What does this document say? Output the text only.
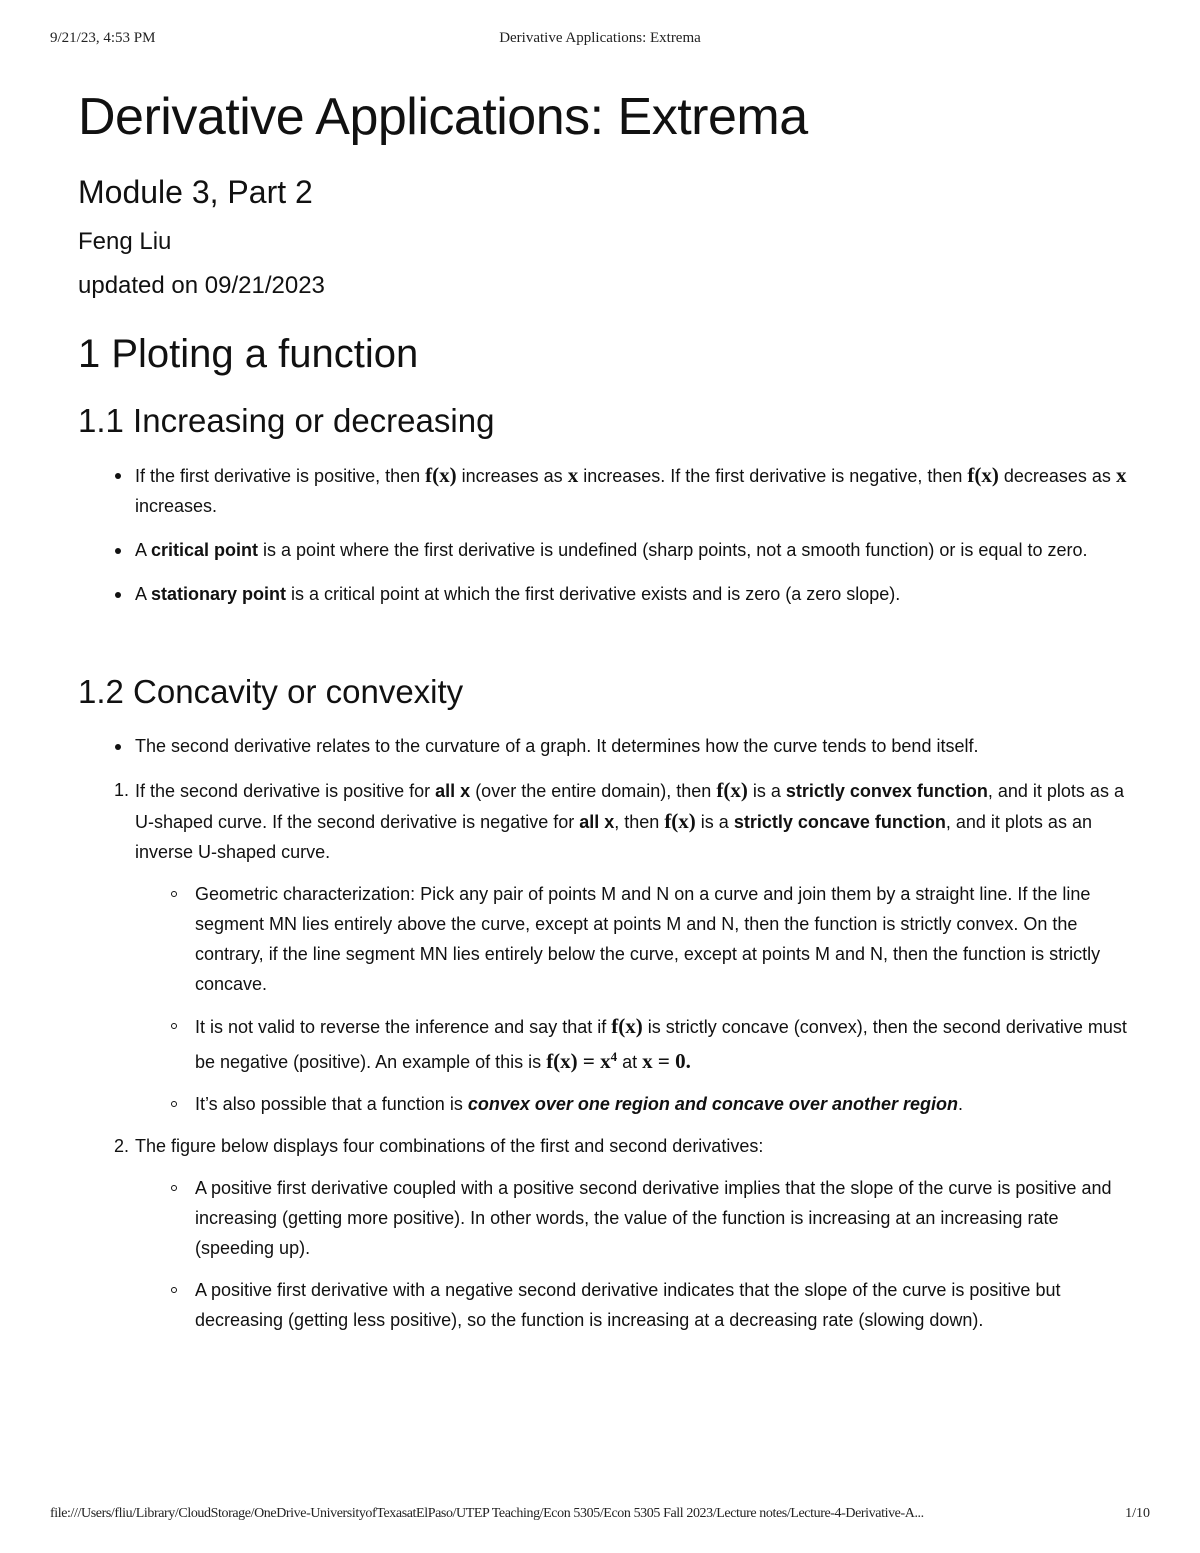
9/21/23, 4:53 PM	Derivative Applications: Extrema
Derivative Applications: Extrema
Module 3, Part 2
Feng Liu
updated on 09/21/2023
1 Ploting a function
1.1 Increasing or decreasing
If the first derivative is positive, then f(x) increases as x increases. If the first derivative is negative, then f(x) decreases as x increases.
A critical point is a point where the first derivative is undefined (sharp points, not a smooth function) or is equal to zero.
A stationary point is a critical point at which the first derivative exists and is zero (a zero slope).
1.2 Concavity or convexity
The second derivative relates to the curvature of a graph. It determines how the curve tends to bend itself.
1. If the second derivative is positive for all x (over the entire domain), then f(x) is a strictly convex function, and it plots as a U-shaped curve. If the second derivative is negative for all x, then f(x) is a strictly concave function, and it plots as an inverse U-shaped curve.
Geometric characterization: Pick any pair of points M and N on a curve and join them by a straight line. If the line segment MN lies entirely above the curve, except at points M and N, then the function is strictly convex. On the contrary, if the line segment MN lies entirely below the curve, except at points M and N, then the function is strictly concave.
It is not valid to reverse the inference and say that if f(x) is strictly concave (convex), then the second derivative must be negative (positive). An example of this is $f(x) = x^4$ at x = 0.
It’s also possible that a function is convex over one region and concave over another region.
2. The figure below displays four combinations of the first and second derivatives:
A positive first derivative coupled with a positive second derivative implies that the slope of the curve is positive and increasing (getting more positive). In other words, the value of the function is increasing at an increasing rate (speeding up).
A positive first derivative with a negative second derivative indicates that the slope of the curve is positive but decreasing (getting less positive), so the function is increasing at a decreasing rate (slowing down).
file:///Users/fliu/Library/CloudStorage/OneDrive-UniversityofTexasatElPaso/UTEP Teaching/Econ 5305/Econ 5305 Fall 2023/Lecture notes/Lecture-4-Derivative-A...	1/10
